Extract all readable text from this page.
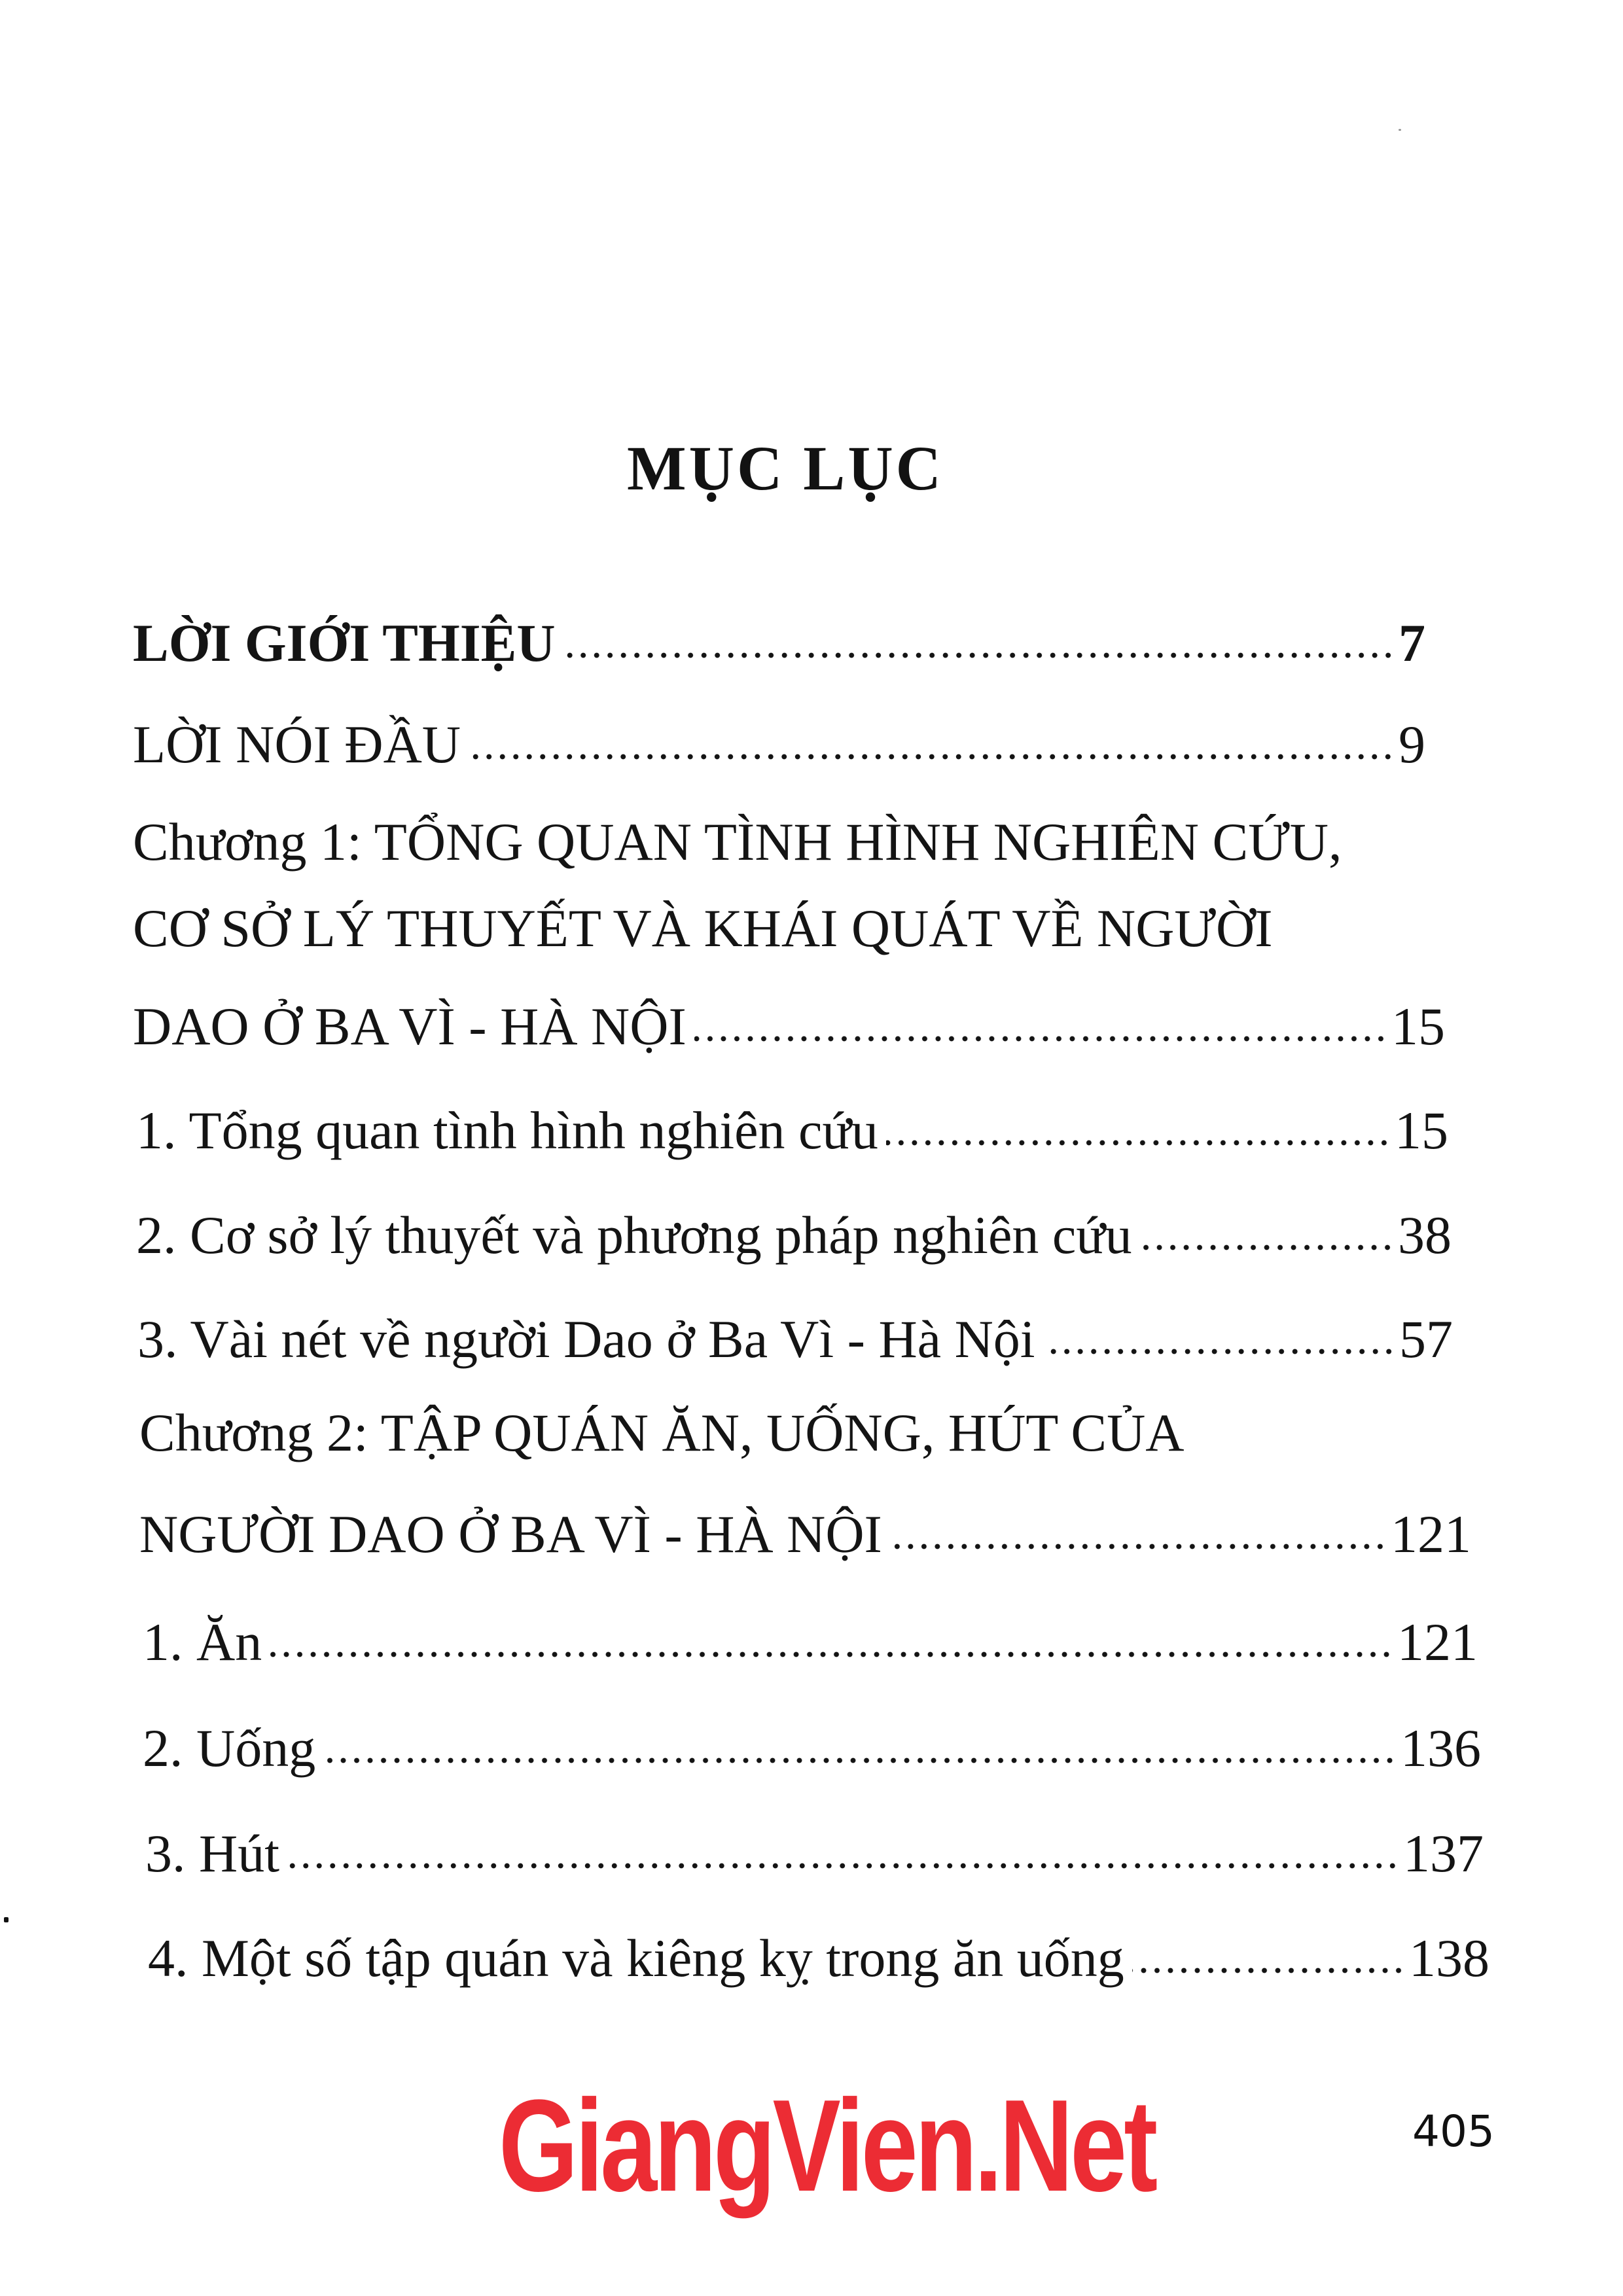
MỤC LỤC
LỜI GIỚI THIỆU	7
LỜI NÓI ĐẦU	9
Chương 1: TỔNG QUAN TÌNH HÌNH NGHIÊN CỨU,
CƠ SỞ LÝ THUYẾT VÀ KHÁI QUÁT VỀ NGƯỜI
DAO Ở BA VÌ - HÀ NỘI	15
1. Tổng quan tình hình nghiên cứu	15
2. Cơ sở lý thuyết và phương pháp nghiên cứu	38
3. Vài nét về người Dao ở Ba Vì - Hà Nội	57
Chương 2: TẬP QUÁN ĂN, UỐNG, HÚT CỦA
NGƯỜI DAO Ở BA VÌ - HÀ NỘI	121
1. Ăn	121
2. Uống	136
3. Hút	137
4. Một số tập quán và kiêng kỵ trong ăn uống	138
GiangVien.Net	405
